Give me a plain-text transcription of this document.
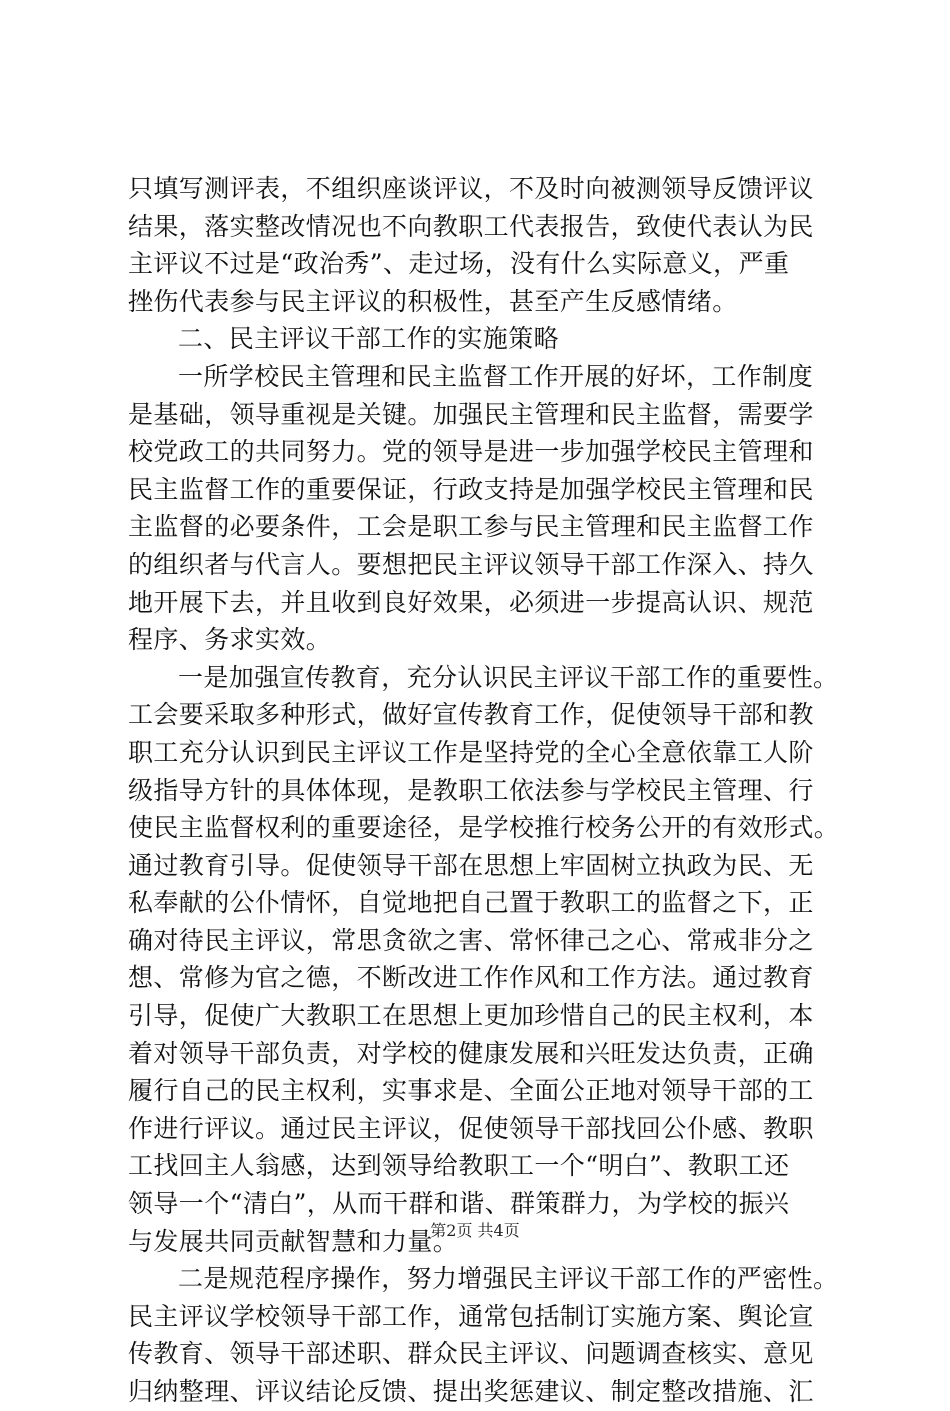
只填写测评表，不组织座谈评议，不及时向被测领导反馈评议
结果，落实整改情况也不向教职工代表报告，致使代表认为民
主评议不过是“政治秀”、走过场，没有什么实际意义，严重
挫伤代表参与民主评议的积极性，甚至产生反感情绪。
二、民主评议干部工作的实施策略
一所学校民主管理和民主监督工作开展的好坏，工作制度
是基础，领导重视是关键。加强民主管理和民主监督，需要学
校党政工的共同努力。党的领导是进一步加强学校民主管理和
民主监督工作的重要保证，行政支持是加强学校民主管理和民
主监督的必要条件，工会是职工参与民主管理和民主监督工作
的组织者与代言人。要想把民主评议领导干部工作深入、持久
地开展下去，并且收到良好效果，必须进一步提高认识、规范
程序、务求实效。
一是加强宣传教育，充分认识民主评议干部工作的重要性。
工会要采取多种形式，做好宣传教育工作，促使领导干部和教
职工充分认识到民主评议工作是坚持党的全心全意依靠工人阶
级指导方针的具体体现，是教职工依法参与学校民主管理、行
使民主监督权利的重要途径，是学校推行校务公开的有效形式。
通过教育引导。促使领导干部在思想上牢固树立执政为民、无
私奉献的公仆情怀，自觉地把自己置于教职工的监督之下，正
确对待民主评议，常思贪欲之害、常怀律己之心、常戒非分之
想、常修为官之德，不断改进工作作风和工作方法。通过教育
引导，促使广大教职工在思想上更加珍惜自己的民主权利，本
着对领导干部负责，对学校的健康发展和兴旺发达负责，正确
履行自己的民主权利，实事求是、全面公正地对领导干部的工
作进行评议。通过民主评议，促使领导干部找回公仆感、教职
工找回主人翁感，达到领导给教职工一个“明白”、教职工还
领导一个“清白”，从而干群和谐、群策群力，为学校的振兴
与发展共同贡献智慧和力量。
二是规范程序操作，努力增强民主评议干部工作的严密性。
民主评议学校领导干部工作，通常包括制订实施方案、舆论宣
传教育、领导干部述职、群众民主评议、问题调查核实、意见
归纳整理、评议结论反馈、提出奖惩建议、制定整改措施、汇
第2页 共4页
